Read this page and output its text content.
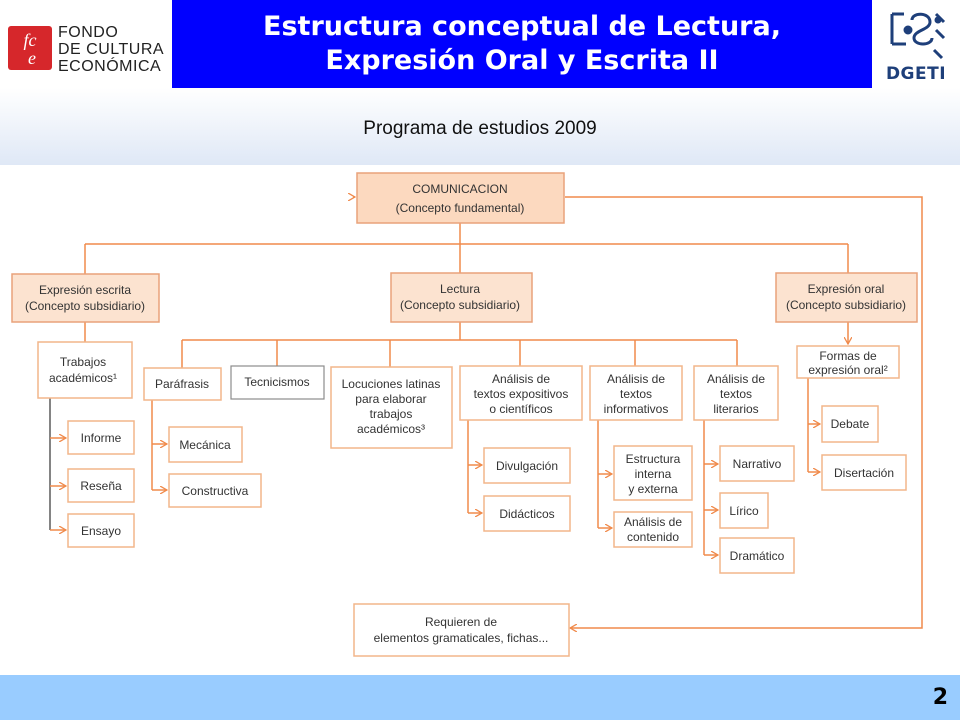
fc
e
FONDO
DE CULTURA
ECONÓMICA
Estructura conceptual de Lectura,
Expresión Oral y Escrita II	DGETI
Programa de estudios 2009
COMUNICACION
(Concepto fundamental)
Expresión escrita
(Concepto subsidiario)
Lectura
(Concepto subsidiario)
Expresión oral
(Concepto subsidiario)
Trabajos
académicos¹
Informe
Reseña
Ensayo
Paráfrasis
Mecánica
Constructiva
Tecnicismos	Locuciones latinas
para elaborar
trabajos
académicos³
Análisis de
textos expositivos
o científicos
Divulgación
Didácticos
Análisis de
textos
informativos
Estructura
interna
y externa
Análisis de
contenido
Análisis de
textos
literarios
Narrativo
Lírico
Dramático
Formas de
expresión oral²
Debate
Disertación
Requieren de
elementos gramaticales, fichas...
2
